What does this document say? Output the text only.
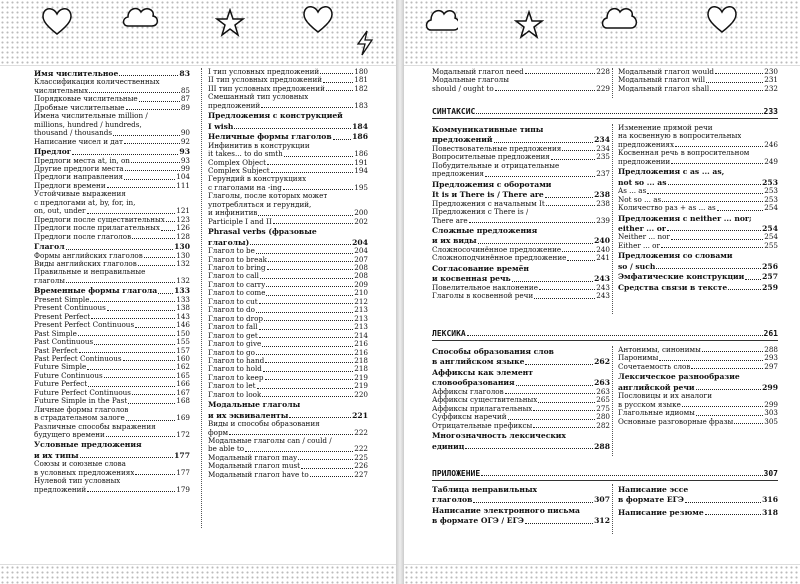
Имя числительное	83
Классификация количественных
числительных	85
Порядковые числительные	87
Дробные числительные	89
Имена числительные million /
millions, hundred / hundreds,
thousand / thousands	90
Написание чисел и дат	92
Предлог	93
Предлоги места at, in, on	93
Другие предлоги места	99
Предлоги направления	104
Предлоги времени	111
Устойчивые выражения
с предлогами at, by, for, in,
on, out, under	121
Предлоги после существительных 123
Предлоги после прилагательных 126
Предлоги после глаголов	128
Глагол	130
Формы английских глаголов	130
Виды английских глаголов	132
Правильные и неправильные
глаголы	132
Временные формы глагола 133
Present Simple	133
Present Continuous	138
Present Perfect	143
Present Perfect Continuous	146
Past Simple	150
Past Continuous	155
Past Perfect	157
Past Perfect Continuous	160
Future Simple	162
Future Continuous	165
Future Perfect	166
Future Perfect Continuous	167
Future Simple in the Past	168
Личные формы глаголов
в страдательном залоге	169
Различные способы выражения
будущего времени	172
Условные предложения
и их типы	177
Союзы и союзные слова
в условных предложениях	177
Нулевой тип условных
предложений	179
I тип условных предложений	180
II тип условных предложений	181
III тип условных предложений	182
Смешанный тип условных
предложений	183
Предложения с конструкцией
I wish	184
Неличные формы глаголов	186
Инфинитив в конструкции
it takes... to do smth	186
Complex Object	191
Complex Subject	194
Герундий в конструкциях
с глаголами на -ing	195
Глаголы, после которых может
употребляться и герундий,
и инфинитив	200
Participle I and II	202
Phrasal verbs (фразовые
глаголы)	204
Глагол to be	204
Глагол to break	207
Глагол to bring	208
Глагол to call	208
Глагол to carry	209
Глагол to come	210
Глагол to cut	212
Глагол to do	213
Глагол to drop	213
Глагол to fall	213
Глагол to get	214
Глагол to give	216
Глагол to go	216
Глагол to hand	218
Глагол to hold	218
Глагол to keep	219
Глагол to let	219
Глагол to look	220
Модальные глаголы
и их эквиваленты	221
Виды и способы образования
форм	222
Модальные глаголы can / could /
be able to	222
Модальный глагол may	225
Модальный глагол must	226
Модальный глагол have to	227
Модальный глагол need	228
Модальные глаголы
should / ought to	229
Модальный глагол would	230
Модальный глагол will	231
Модальный глагол shall	232
СИНТАКСИС	233
Коммуникативные типы
предложений	234
Повествовательные предложения	234
Вопросительные предложения	235
Побудительные и отрицательные
предложения	237
Предложения с оборотами
It is и There is / There are	238
Предложения с начальным It	238
Предложения с There is /
There are	239
Сложные предложения
и их виды	240
Сложносочинённое предложение	240
Сложноподчинённое предложение	241
Согласование времён
и косвенная речь	243
Повелительное наклонение	243
Глаголы в косвенной речи	243
Изменение прямой речи
на косвенную в вопросительных
предложениях	246
Косвенная речь в вопросительном
предложении	249
Предложения с as ... as,
not so ... as	253
As ... as	253
Not so ... as	253
Количество раз + as ... as	254
Предложения с neither ... nor;
either ... or	254
Neither ... nor	254
Either ... or	255
Предложения со словами
so / such	256
Эмфатические конструкции 257
Средства связи в тексте	259
ЛЕКСИКА	261
Способы образования слов
в английском языке	262
Аффиксы как элемент
словообразования	263
Аффиксы глаголов	263
Аффиксы существительных	265
Аффиксы прилагательных	275
Суффиксы наречий	280
Отрицательные префиксы	282
Многозначность лексических
единиц	288
Антонимы, синонимы	288
Паронимы	293
Сочетаемость слов	297
Лексическое разнообразие
английской речи	299
Пословицы и их аналоги
в русском языке	299
Глагольные идиомы	303
Основные разговорные фразы	305
ПРИЛОЖЕНИЕ	307
Таблица неправильных
глаголов	307
Написание электронного письма
в формате ОГЭ / ЕГЭ	312
Написание эссе
в формате ЕГЭ	316
Написание резюме	318
